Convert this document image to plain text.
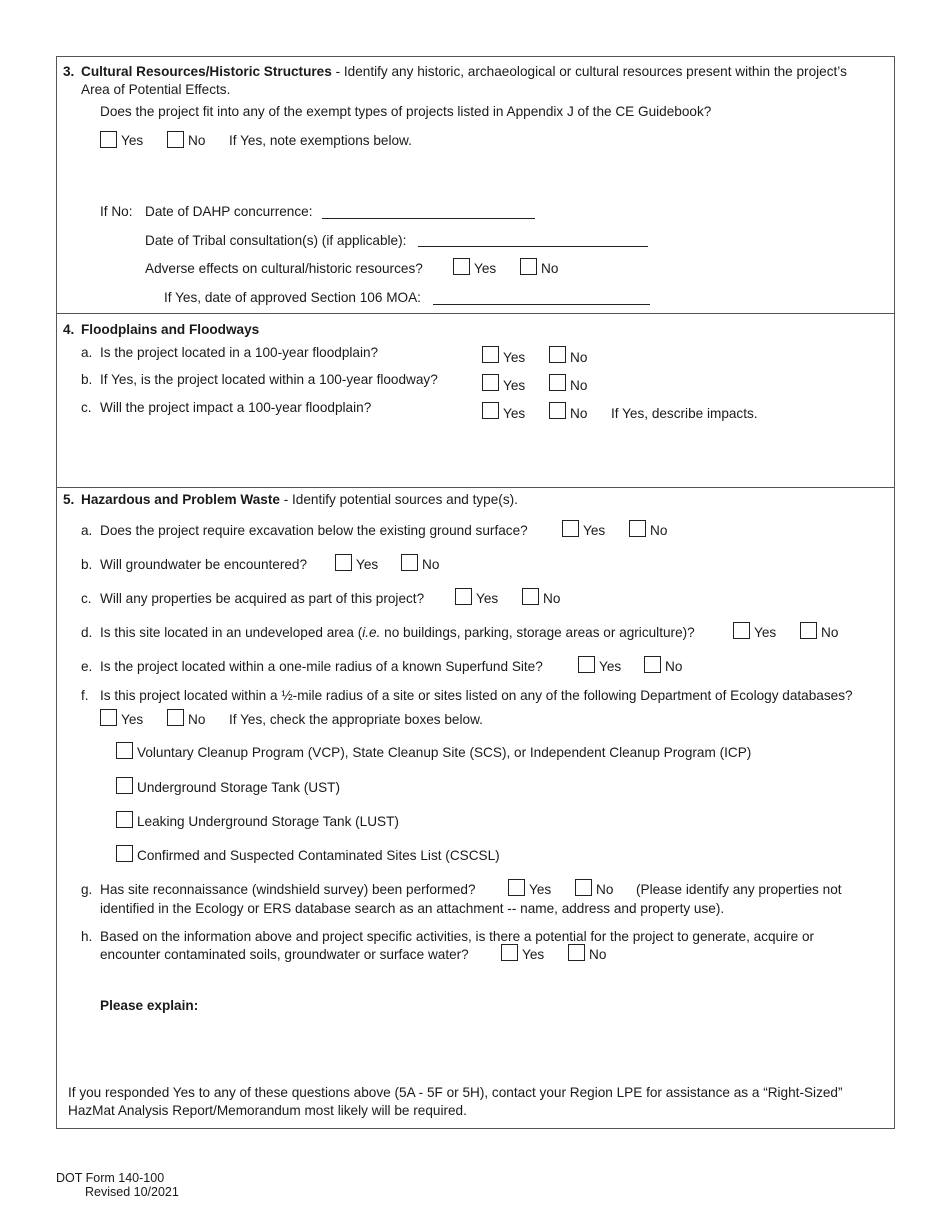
3. Cultural Resources/Historic Structures - Identify any historic, archaeological or cultural resources present within the project’s
Area of Potential Effects.
Does the project fit into any of the exempt types of projects listed in Appendix J of the CE Guidebook?
Yes	No If Yes, note exemptions below.
If No: Date of DAHP concurrence:
Date of Tribal consultation(s) (if applicable):
Adverse effects on cultural/historic resources?	Yes	No
If Yes, date of approved Section 106 MOA:
4. Floodplains and Floodways
a. Is the project located in a 100-year floodplain?	Yes	No
b. If Yes, is the project located within a 100-year floodway?	Yes	No
c. Will the project impact a 100-year floodplain?	Yes	No If Yes, describe impacts.
5. Hazardous and Problem Waste - Identify potential sources and type(s).
a. Does the project require excavation below the existing ground surface?	Yes	No
b. Will groundwater be encountered?	Yes	No
c. Will any properties be acquired as part of this project?	Yes	No
d. Is this site located in an undeveloped area (i.e. no buildings, parking, storage areas or agriculture)?	Yes	No
e. Is the project located within a one-mile radius of a known Superfund Site?	Yes	No
f. Is this project located within a ½-mile radius of a site or sites listed on any of the following Department of Ecology databases?
Yes	No If Yes, check the appropriate boxes below.
Voluntary Cleanup Program (VCP), State Cleanup Site (SCS), or Independent Cleanup Program (ICP)
Underground Storage Tank (UST)
Leaking Underground Storage Tank (LUST)
Confirmed and Suspected Contaminated Sites List (CSCSL)
g. Has site reconnaissance (windshield survey) been performed?	Yes	No (Please identify any properties not
identified in the Ecology or ERS database search as an attachment -- name, address and property use).
h. Based on the information above and project specific activities, is there a potential for the project to generate, acquire or
encounter contaminated soils, groundwater or surface water?	Yes	No
Please explain:
If you responded Yes to any of these questions above (5A - 5F or 5H), contact your Region LPE for assistance as a “Right-Sized”
HazMat Analysis Report/Memorandum most likely will be required.
DOT Form 140-100
Revised 10/2021
